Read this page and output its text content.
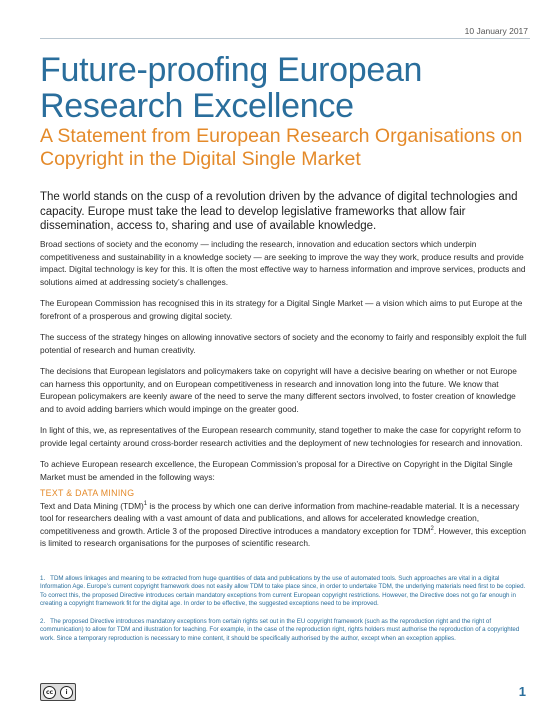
10 January 2017
Future-proofing European Research Excellence
A Statement from European Research Organisations on Copyright in the Digital Single Market

The world stands on the cusp of a revolution driven by the advance of digital technologies and capacity. Europe must take the lead to develop legislative frameworks that allow fair dissemination, access to, sharing and use of available knowledge.

Broad sections of society and the economy — including the research, innovation and education sectors which underpin competitiveness and sustainability in a knowledge society — are seeking to improve the way they work, produce results and provide impact. Digital technology is key for this. It is often the most effective way to harness information and improve services, products and solutions aimed at addressing society’s challenges.

The European Commission has recognised this in its strategy for a Digital Single Market — a vision which aims to put Europe at the forefront of a prosperous and growing digital society.

The success of the strategy hinges on allowing innovative sectors of society and the economy to fairly and responsibly exploit the full potential of research and human creativity.

The decisions that European legislators and policymakers take on copyright will have a decisive bearing on whether or not Europe can harness this opportunity, and on European competitiveness in research and innovation long into the future. We know that European policymakers are keenly aware of the need to serve the many different sectors involved, to foster creation of knowledge and to avoid adding barriers which would impinge on the greater good.

In light of this, we, as representatives of the European research community, stand together to make the case for copyright reform to provide legal certainty around cross-border research activities and the deployment of new technologies for research and innovation.

To achieve European research excellence, the European Commission’s proposal for a Directive on Copyright in the Digital Single Market must be amended in the following ways:

TEXT & DATA MINING

Text and Data Mining (TDM)$^1$ is the process by which one can derive information from machine-readable material. It is a necessary tool for researchers dealing with a vast amount of data and publications, and allows for accelerated knowledge creation, competitiveness and growth. Article 3 of the proposed Directive introduces a mandatory exception for TDM$^2$. However, this exception is limited to research organisations for the purposes of scientific research.

1. TDM allows linkages and meaning to be extracted from huge quantities of data and publications by the use of automated tools. Such approaches are vital in a digital Information Age. Europe’s current copyright framework does not easily allow TDM to take place since, in order to undertake TDM, the underlying materials need first to be copied. To correct this, the proposed Directive introduces certain mandatory exceptions from current European copyright restrictions. However, the Directive does not go far enough in creating a copyright framework fit for the digital age. In order to be effective, the suggested exceptions need to be improved.
2. The proposed Directive introduces mandatory exceptions from certain rights set out in the EU copyright framework (such as the reproduction right and the right of communication) to allow for TDM and illustration for teaching. For example, in the case of the reproduction right, rights holders must authorise the reproduction of a copyrighted work. Since a temporary reproduction is necessary to mine content, it should be specifically authorised by the author, except when an exception applies.
cc	i	1
